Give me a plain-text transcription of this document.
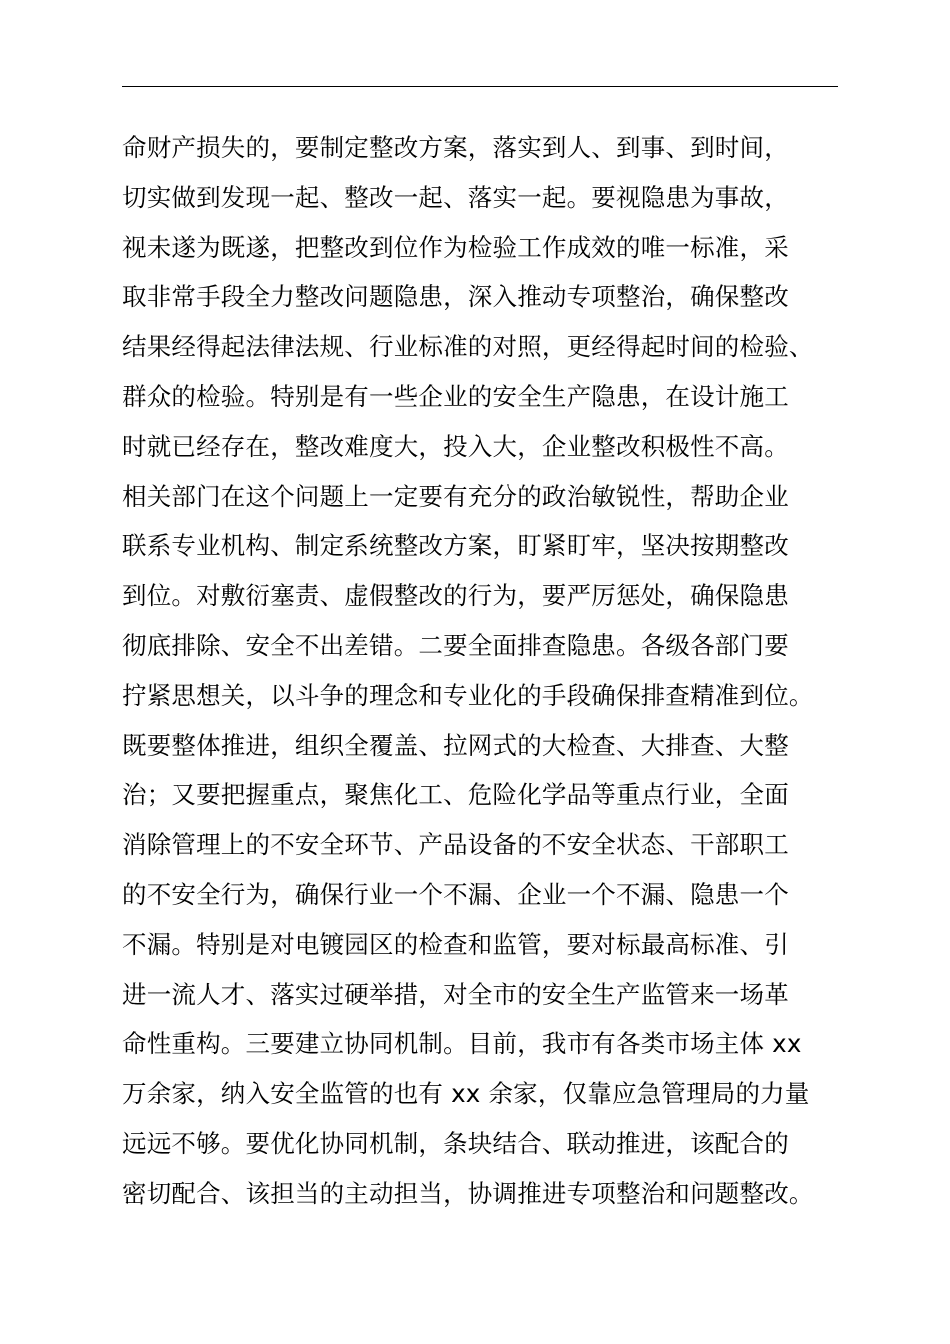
命财产损失的，要制定整改方案，落实到人、到事、到时间，
切实做到发现一起、整改一起、落实一起。要视隐患为事故，
视未遂为既遂，把整改到位作为检验工作成效的唯一标准，采
取非常手段全力整改问题隐患，深入推动专项整治，确保整改
结果经得起法律法规、行业标准的对照，更经得起时间的检验、
群众的检验。特别是有一些企业的安全生产隐患，在设计施工
时就已经存在，整改难度大，投入大，企业整改积极性不高。
相关部门在这个问题上一定要有充分的政治敏锐性，帮助企业
联系专业机构、制定系统整改方案，盯紧盯牢，坚决按期整改
到位。对敷衍塞责、虚假整改的行为，要严厉惩处，确保隐患
彻底排除、安全不出差错。二要全面排查隐患。各级各部门要
拧紧思想关，以斗争的理念和专业化的手段确保排查精准到位。
既要整体推进，组织全覆盖、拉网式的大检查、大排查、大整
治；又要把握重点，聚焦化工、危险化学品等重点行业，全面
消除管理上的不安全环节、产品设备的不安全状态、干部职工
的不安全行为，确保行业一个不漏、企业一个不漏、隐患一个
不漏。特别是对电镀园区的检查和监管，要对标最高标准、引
进一流人才、落实过硬举措，对全市的安全生产监管来一场革
命性重构。三要建立协同机制。目前，我市有各类市场主体 xx
万余家，纳入安全监管的也有 xx 余家，仅靠应急管理局的力量
远远不够。要优化协同机制，条块结合、联动推进，该配合的
密切配合、该担当的主动担当，协调推进专项整治和问题整改。
